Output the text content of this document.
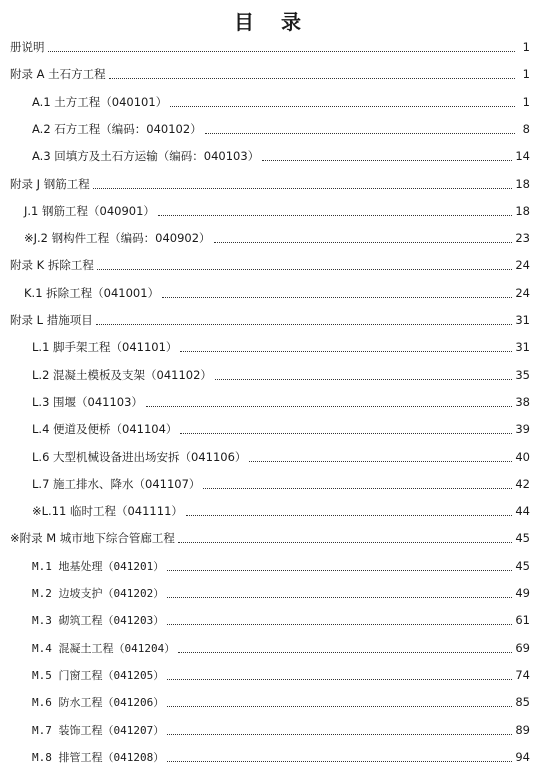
目 录
册说明	1
附录 A 土石方工程	1
A.1 土方工程（040101）	1
A.2 石方工程（编码：040102）	8
A.3 回填方及土石方运输（编码：040103）	14
附录 J 钢筋工程	18
J.1 钢筋工程（040901）	18
※J.2 钢构件工程（编码：040902）	23
附录 K 拆除工程	24
K.1 拆除工程（041001）	24
附录 L 措施项目	31
L.1 脚手架工程（041101）	31
L.2 混凝土模板及支架（041102）	35
L.3 围堰（041103）	38
L.4 便道及便桥（041104）	39
L.6 大型机械设备进出场安拆（041106）	40
L.7 施工排水、降水（041107）	42
※L.11 临时工程（041111）	44
※附录 M 城市地下综合管廊工程	45
M.1 地基处理（041201）	45
M.2 边坡支护（041202）	49
M.3 砌筑工程（041203）	61
M.4 混凝土工程（041204）	69
M.5 门窗工程（041205）	74
M.6 防水工程（041206）	85
M.7 装饰工程（041207）	89
M.8 排管工程（041208）	94
